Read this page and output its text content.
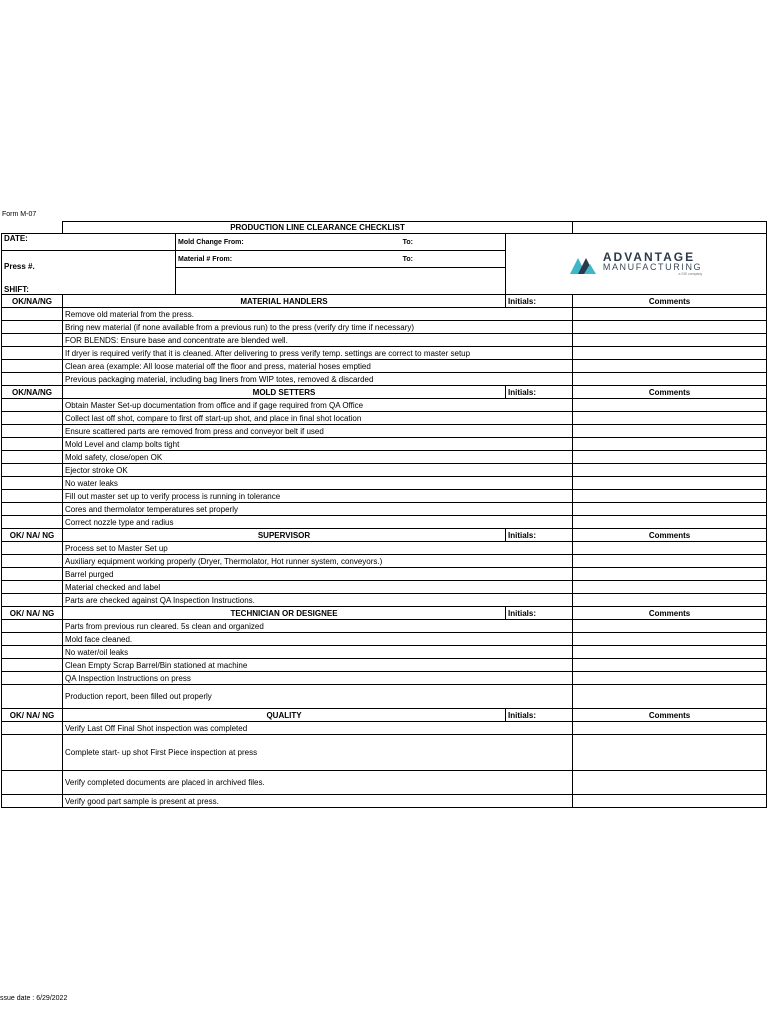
Form M-07
	PRODUCTION LINE CLEARANCE CHECKLIST			
DATE:		Mold Change From: To:	ADVANTAGE
MANUFACTURING
a SIS company	

Press #.		Material # From: To:		

SHIFT:				
OK/NA/NG	MATERIAL HANDLERS		Initials:	Comments
	Remove old material from the press.			
	Bring new material (if none available from a previous run) to the press (verify dry time if necessary)			
	FOR BLENDS: Ensure base and concentrate are blended well.			
	If dryer is required verify that it is cleaned. After delivering to press verify temp. settings are correct to master setup			
	Clean area (example: All loose material off the floor and press, material hoses emptied			
	Previous packaging material, including bag liners from WIP totes, removed & discarded			
OK/NA/NG	MOLD SETTERS		Initials:	Comments
	Obtain Master Set-up documentation from office and if gage required from QA Office			
	Collect last off shot, compare to first off start-up shot, and place in final shot location			
	Ensure scattered parts are removed from press and conveyor belt if used			
	Mold Level and clamp bolts tight			
	Mold safety, close/open OK			
	Ejector stroke OK			
	No water leaks			
	Fill out master set up to verify process is running in tolerance			
	Cores and thermolator temperatures set properly			
	Correct nozzle type and radius			
OK/ NA/ NG	SUPERVISOR		Initials:	Comments
	Process set to Master Set up			
	Auxiliary equipment working properly (Dryer, Thermolator, Hot runner system, conveyors.)			
	Barrel purged			
	Material checked and label			
	Parts are checked against QA Inspection Instructions.			
OK/ NA/ NG	TECHNICIAN OR DESIGNEE		Initials:	Comments
	Parts from previous run cleared. 5s clean and organized			
	Mold face cleaned.			
	No water/oil leaks			
	Clean Empty Scrap Barrel/Bin stationed at machine			
	QA Inspection Instructions on press			
	Production report, been filled out properly			
OK/ NA/ NG	QUALITY		Initials:	Comments
	Verify Last Off Final Shot inspection was completed			
	Complete start- up shot First Piece inspection at press			
	Verify completed documents are placed in archived files.			
	Verify good part sample is present at press.			
ssue date : 6/29/2022
